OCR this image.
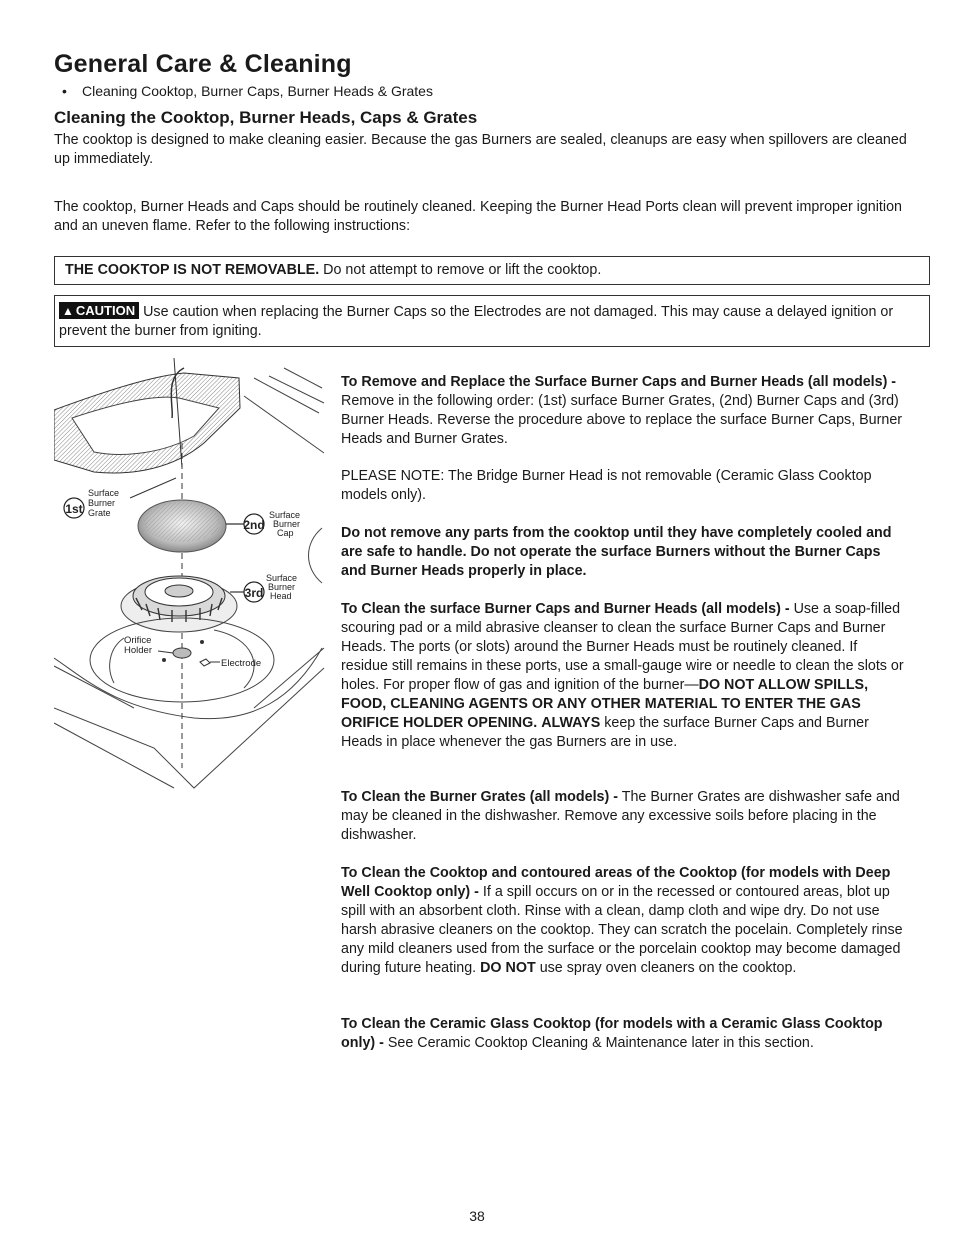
General Care & Cleaning
• Cleaning Cooktop, Burner Caps, Burner Heads & Grates
Cleaning the Cooktop, Burner Heads, Caps & Grates
The cooktop is designed to make cleaning easier. Because the gas Burners are sealed, cleanups are easy when spillovers are cleaned up immediately.
The cooktop, Burner Heads and Caps should be routinely cleaned. Keeping the Burner Head Ports clean will prevent improper ignition and an uneven flame. Refer to the following instructions:
THE COOKTOP IS NOT REMOVABLE. Do not attempt to remove or lift the cooktop.
▲ CAUTION Use caution when replacing the Burner Caps so the Electrodes are not damaged. This may cause a delayed ignition or prevent the burner from igniting.
1st
Surface
Burner
Grate
2nd
Surface
Burner
Cap
3rd
Surface
Burner
Head
Orifice
Holder
Electrode
To Remove and Replace the Surface Burner Caps and Burner Heads (all models) - Remove in the following order: (1st) surface Burner Grates, (2nd) Burner Caps and (3rd) Burner Heads. Reverse the procedure above to replace the surface Burner Caps, Burner Heads and Burner Grates.
PLEASE NOTE: The Bridge Burner Head is not removable (Ceramic Glass Cooktop models only).
Do not remove any parts from the cooktop until they have completely cooled and are safe to handle. Do not operate the surface Burners without the Burner Caps and Burner Heads properly in place.
To Clean the surface Burner Caps and Burner Heads (all models) - Use a soap-filled scouring pad or a mild abrasive cleanser to clean the surface Burner Caps and Burner Heads. The ports (or slots) around the Burner Heads must be routinely cleaned. If residue still remains in these ports, use a small-gauge wire or needle to clean the slots or holes. For proper flow of gas and ignition of the burner—DO NOT ALLOW SPILLS, FOOD, CLEANING AGENTS OR ANY OTHER MATERIAL TO ENTER THE GAS ORIFICE HOLDER OPENING. ALWAYS keep the surface Burner Caps and Burner Heads in place whenever the gas Burners are in use.
To Clean the Burner Grates (all models) - The Burner Grates are dishwasher safe and may be cleaned in the dishwasher. Remove any excessive soils before placing in the dishwasher.
To Clean the Cooktop and contoured areas of the Cooktop (for models with Deep Well Cooktop only) - If a spill occurs on or in the recessed or contoured areas, blot up spill with an absorbent cloth. Rinse with a clean, damp cloth and wipe dry. Do not use harsh abrasive cleaners on the cooktop. They can scratch the pocelain. Completely rinse any mild cleaners used from the surface or the porcelain cooktop may become damaged during future heating. DO NOT use spray oven cleaners on the cooktop.
To Clean the Ceramic Glass Cooktop (for models with a Ceramic Glass Cooktop only) - See Ceramic Cooktop Cleaning & Maintenance later in this section.
38
